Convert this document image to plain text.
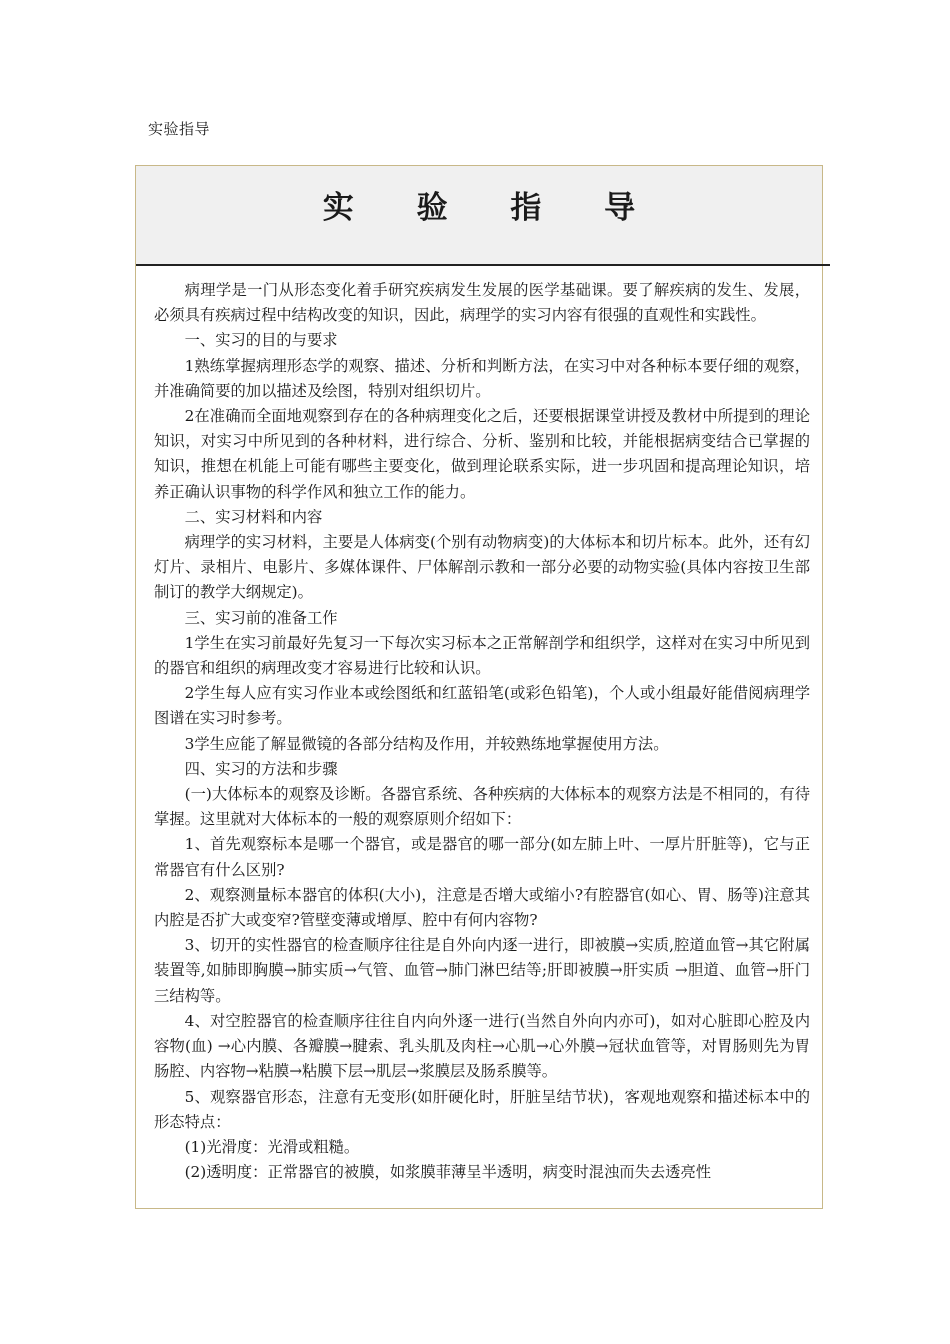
实验指导
实 验 指 导

病理学是一门从形态变化着手研究疾病发生发展的医学基础课。要了解疾病的发生、发展，必须具有疾病过程中结构改变的知识，因此，病理学的实习内容有很强的直观性和实践性。

一、实习的目的与要求

1熟练掌握病理形态学的观察、描述、分析和判断方法，在实习中对各种标本要仔细的观察，并准确简要的加以描述及绘图，特别对组织切片。

2在准确而全面地观察到存在的各种病理变化之后，还要根据课堂讲授及教材中所提到的理论知识，对实习中所见到的各种材料，进行综合、分析、鉴别和比较，并能根据病变结合已掌握的知识，推想在机能上可能有哪些主要变化，做到理论联系实际，进一步巩固和提高理论知识，培养正确认识事物的科学作风和独立工作的能力。

二、实习材料和内容

病理学的实习材料，主要是人体病变(个别有动物病变)的大体标本和切片标本。此外，还有幻灯片、录相片、电影片、多媒体课件、尸体解剖示教和一部分必要的动物实验(具体内容按卫生部制订的教学大纲规定)。

三、实习前的准备工作

1学生在实习前最好先复习一下每次实习标本之正常解剖学和组织学，这样对在实习中所见到的器官和组织的病理改变才容易进行比较和认识。

2学生每人应有实习作业本或绘图纸和红蓝铅笔(或彩色铅笔)，个人或小组最好能借阅病理学图谱在实习时参考。

3学生应能了解显微镜的各部分结构及作用，并较熟练地掌握使用方法。

四、实习的方法和步骤

(一)大体标本的观察及诊断。各器官系统、各种疾病的大体标本的观察方法是不相同的，有待掌握。这里就对大体标本的一般的观察原则介绍如下：

1、首先观察标本是哪一个器官，或是器官的哪一部分(如左肺上叶、一厚片肝脏等)，它与正常器官有什么区别?

2、观察测量标本器官的体积(大小)，注意是否增大或缩小?有腔器官(如心、胃、肠等)注意其内腔是否扩大或变窄?管壁变薄或增厚、腔中有何内容物?

3、切开的实性器官的检查顺序往往是自外向内逐一进行，即被膜→实质,腔道血管→其它附属装置等,如肺即胸膜→肺实质→气管、血管→肺门淋巴结等;肝即被膜→肝实质 →胆道、血管→肝门三结构等。

4、对空腔器官的检查顺序往往自内向外逐一进行(当然自外向内亦可)，如对心脏即心腔及内容物(血) →心内膜、各瓣膜→腱索、乳头肌及肉柱→心肌→心外膜→冠状血管等，对胃肠则先为胃肠腔、内容物→粘膜→粘膜下层→肌层→浆膜层及肠系膜等。

5、观察器官形态，注意有无变形(如肝硬化时，肝脏呈结节状)，客观地观察和描述标本中的形态特点：

(1)光滑度：光滑或粗糙。

(2)透明度：正常器官的被膜，如浆膜菲薄呈半透明，病变时混浊而失去透亮性
